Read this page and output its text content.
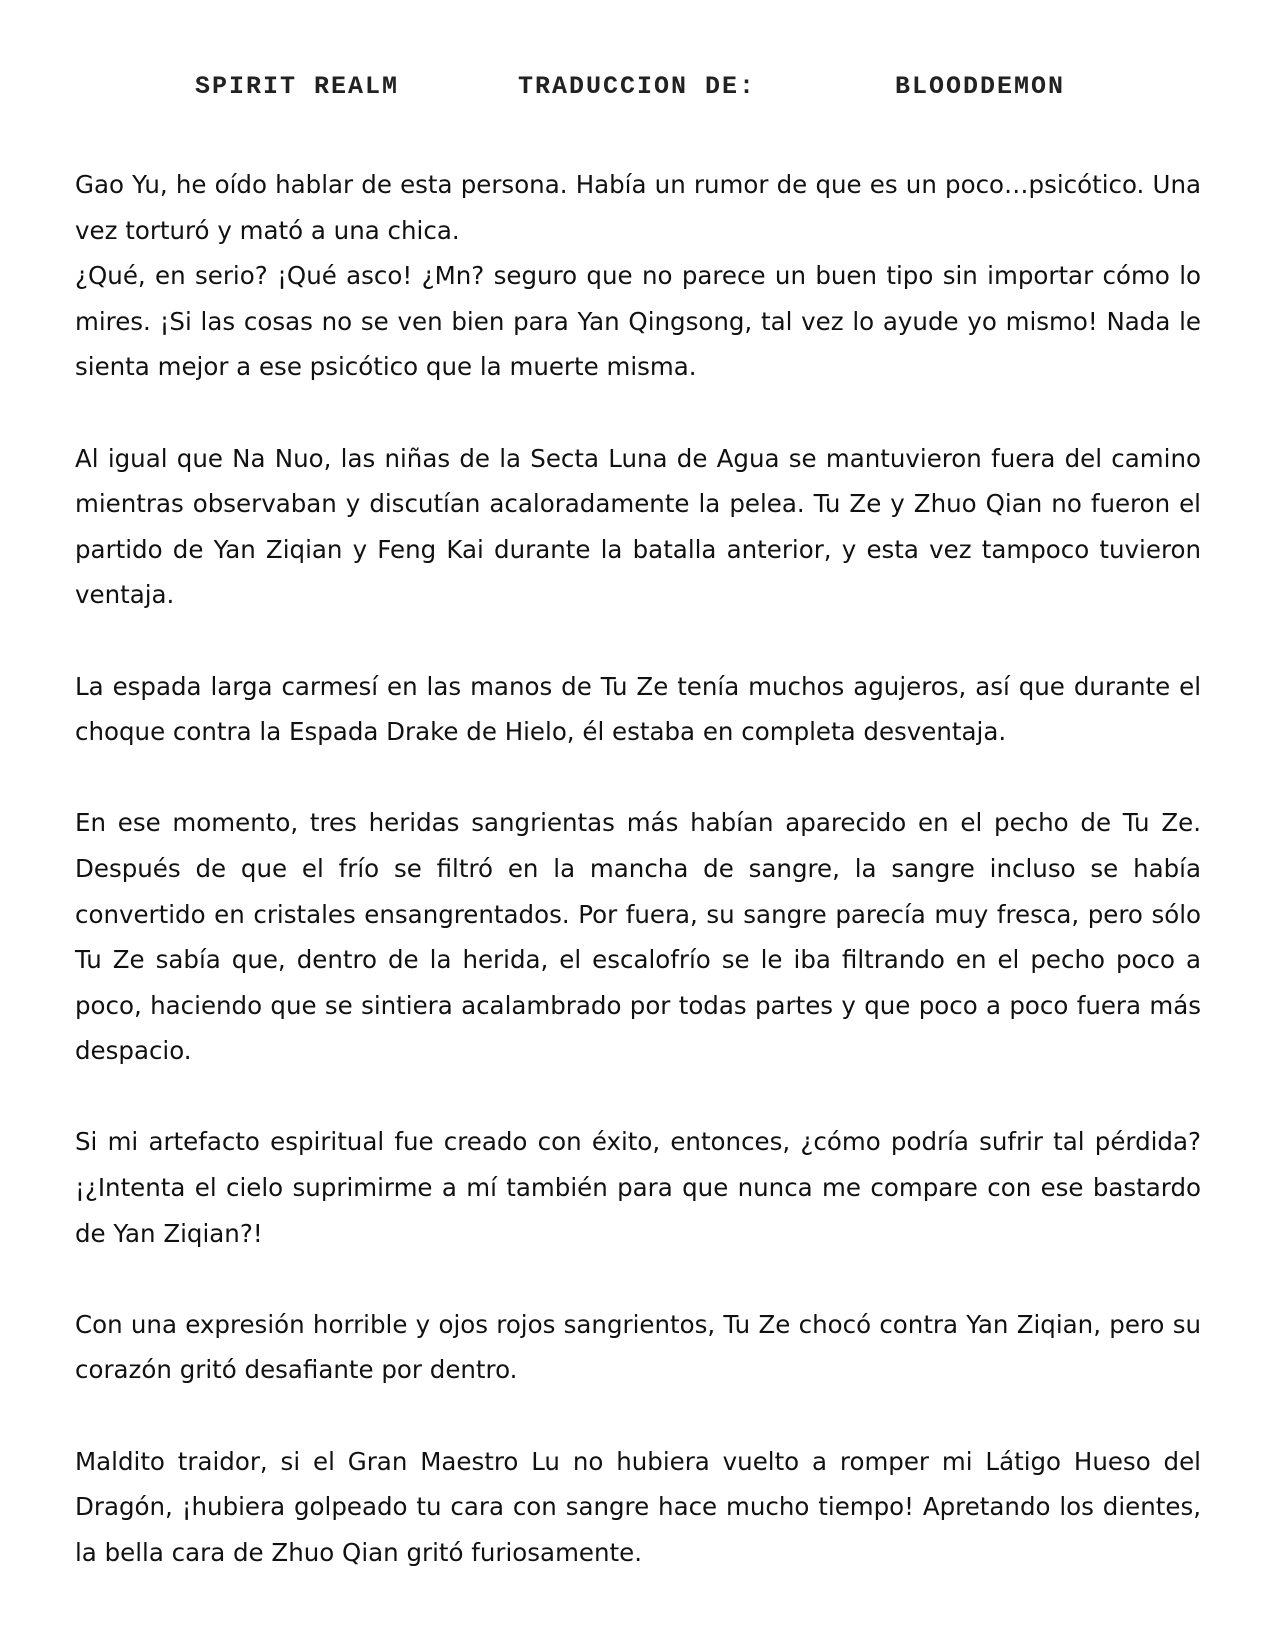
SPIRIT REALM	TRADUCCION DE:	BLOODDEMON

Gao Yu, he oído hablar de esta persona. Había un rumor de que es un poco…psicótico. Una vez torturó y mató a una chica.

¿Qué, en serio? ¡Qué asco! ¿Mn? seguro que no parece un buen tipo sin importar cómo lo mires. ¡Si las cosas no se ven bien para Yan Qingsong, tal vez lo ayude yo mismo! Nada le sienta mejor a ese psicótico que la muerte misma.

Al igual que Na Nuo, las niñas de la Secta Luna de Agua se mantuvieron fuera del camino mientras observaban y discutían acaloradamente la pelea. Tu Ze y Zhuo Qian no fueron el partido de Yan Ziqian y Feng Kai durante la batalla anterior, y esta vez tampoco tuvieron ventaja.

La espada larga carmesí en las manos de Tu Ze tenía muchos agujeros, así que durante el choque contra la Espada Drake de Hielo, él estaba en completa desventaja.

En ese momento, tres heridas sangrientas más habían aparecido en el pecho de Tu Ze. Después de que el frío se filtró en la mancha de sangre, la sangre incluso se había convertido en cristales ensangrentados. Por fuera, su sangre parecía muy fresca, pero sólo Tu Ze sabía que, dentro de la herida, el escalofrío se le iba filtrando en el pecho poco a poco, haciendo que se sintiera acalambrado por todas partes y que poco a poco fuera más despacio.

Si mi artefacto espiritual fue creado con éxito, entonces, ¿cómo podría sufrir tal pérdida? ¡¿Intenta el cielo suprimirme a mí también para que nunca me compare con ese bastardo de Yan Ziqian?!

Con una expresión horrible y ojos rojos sangrientos, Tu Ze chocó contra Yan Ziqian, pero su corazón gritó desafiante por dentro.

Maldito traidor, si el Gran Maestro Lu no hubiera vuelto a romper mi Látigo Hueso del Dragón, ¡hubiera golpeado tu cara con sangre hace mucho tiempo! Apretando los dientes, la bella cara de Zhuo Qian gritó furiosamente.
